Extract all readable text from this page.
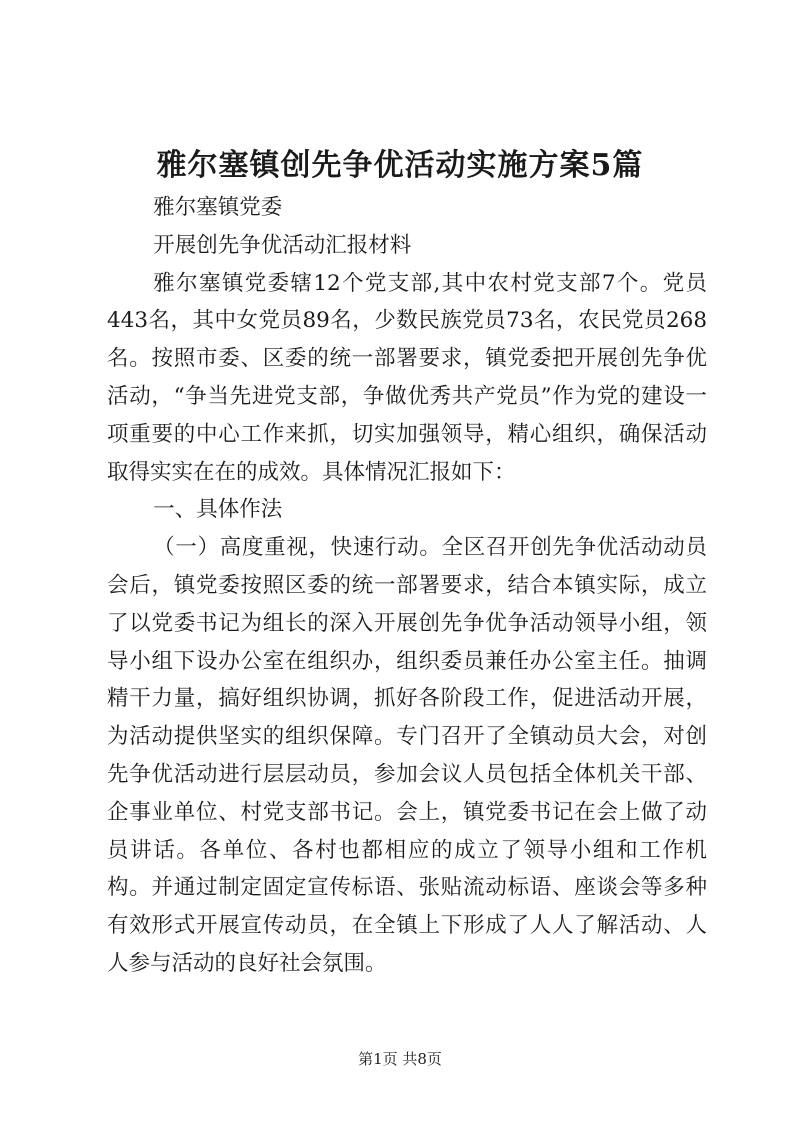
雅尔塞镇创先争优活动实施方案5篇

雅尔塞镇党委

开展创先争优活动汇报材料

雅尔塞镇党委辖12个党支部,其中农村党支部7个。党员443名，其中女党员89名，少数民族党员73名，农民党员268名。按照市委、区委的统一部署要求，镇党委把开展创先争优活动，“争当先进党支部，争做优秀共产党员”作为党的建设一项重要的中心工作来抓，切实加强领导，精心组织，确保活动取得实实在在的成效。具体情况汇报如下：

一、具体作法

（一）高度重视，快速行动。全区召开创先争优活动动员会后，镇党委按照区委的统一部署要求，结合本镇实际，成立了以党委书记为组长的深入开展创先争优争活动领导小组，领导小组下设办公室在组织办，组织委员兼任办公室主任。抽调精干力量，搞好组织协调，抓好各阶段工作，促进活动开展，为活动提供坚实的组织保障。专门召开了全镇动员大会，对创先争优活动进行层层动员，参加会议人员包括全体机关干部、企事业单位、村党支部书记。会上，镇党委书记在会上做了动员讲话。各单位、各村也都相应的成立了领导小组和工作机构。并通过制定固定宣传标语、张贴流动标语、座谈会等多种有效形式开展宣传动员，在全镇上下形成了人人了解活动、人人参与活动的良好社会氛围。

第1页 共8页
